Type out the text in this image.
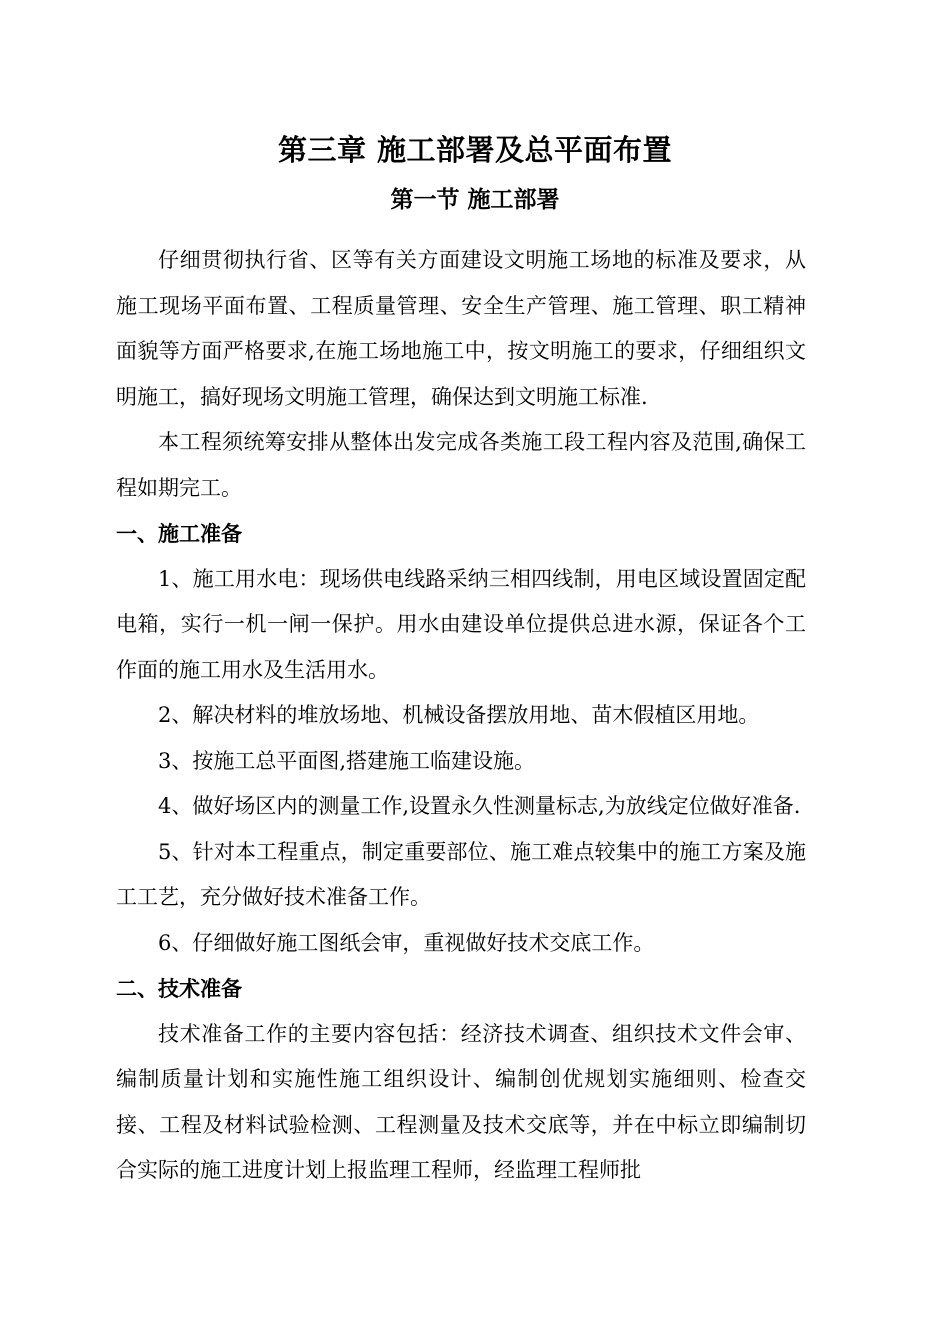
第三章 施工部署及总平面布置
第一节 施工部署

仔细贯彻执行省、区等有关方面建设文明施工场地的标准及要求，从施工现场平面布置、工程质量管理、安全生产管理、施工管理、职工精神面貌等方面严格要求,在施工场地施工中，按文明施工的要求，仔细组织文明施工，搞好现场文明施工管理，确保达到文明施工标准.

本工程须统筹安排从整体出发完成各类施工段工程内容及范围,确保工程如期完工。

一、施工准备

1、施工用水电：现场供电线路采纳三相四线制，用电区域设置固定配电箱，实行一机一闸一保护。用水由建设单位提供总进水源，保证各个工作面的施工用水及生活用水。

2、解决材料的堆放场地、机械设备摆放用地、苗木假植区用地。

3、按施工总平面图,搭建施工临建设施。

4、做好场区内的测量工作,设置永久性测量标志,为放线定位做好准备.

5、针对本工程重点，制定重要部位、施工难点较集中的施工方案及施工工艺，充分做好技术准备工作。

6、仔细做好施工图纸会审，重视做好技术交底工作。

二、技术准备

技术准备工作的主要内容包括：经济技术调查、组织技术文件会审、编制质量计划和实施性施工组织设计、编制创优规划实施细则、检查交接、工程及材料试验检测、工程测量及技术交底等，并在中标立即编制切合实际的施工进度计划上报监理工程师，经监理工程师批
